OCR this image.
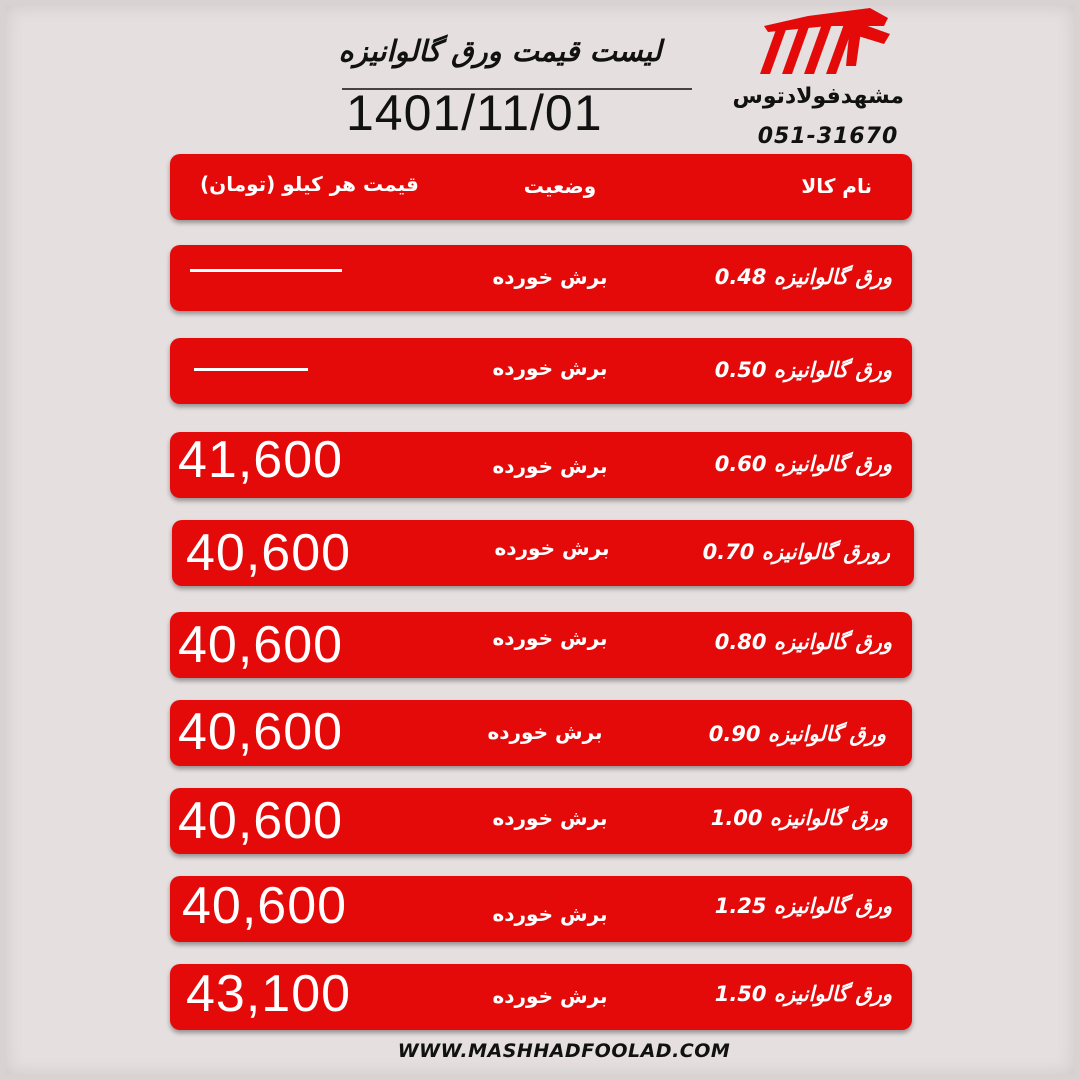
مشهدفولادتوس
051-31670
لیست قیمت ورق گالوانیزه
1401/11/01
نام کالا
وضعیت
قیمت هر کیلو (تومان)
ورق گالوانیزه 0.48
برش خورده
ورق گالوانیزه 0.50
برش خورده
ورق گالوانیزه 0.60
برش خورده
41,600
رورق گالوانیزه 0.70
برش خورده
40,600
ورق گالوانیزه 0.80
برش خورده
40,600
ورق گالوانیزه 0.90
برش خورده
40,600
ورق گالوانیزه 1.00
برش خورده
40,600
ورق گالوانیزه 1.25
برش خورده
40,600
ورق گالوانیزه 1.50
برش خورده
43,100
WWW.MASHHADFOOLAD.COM
